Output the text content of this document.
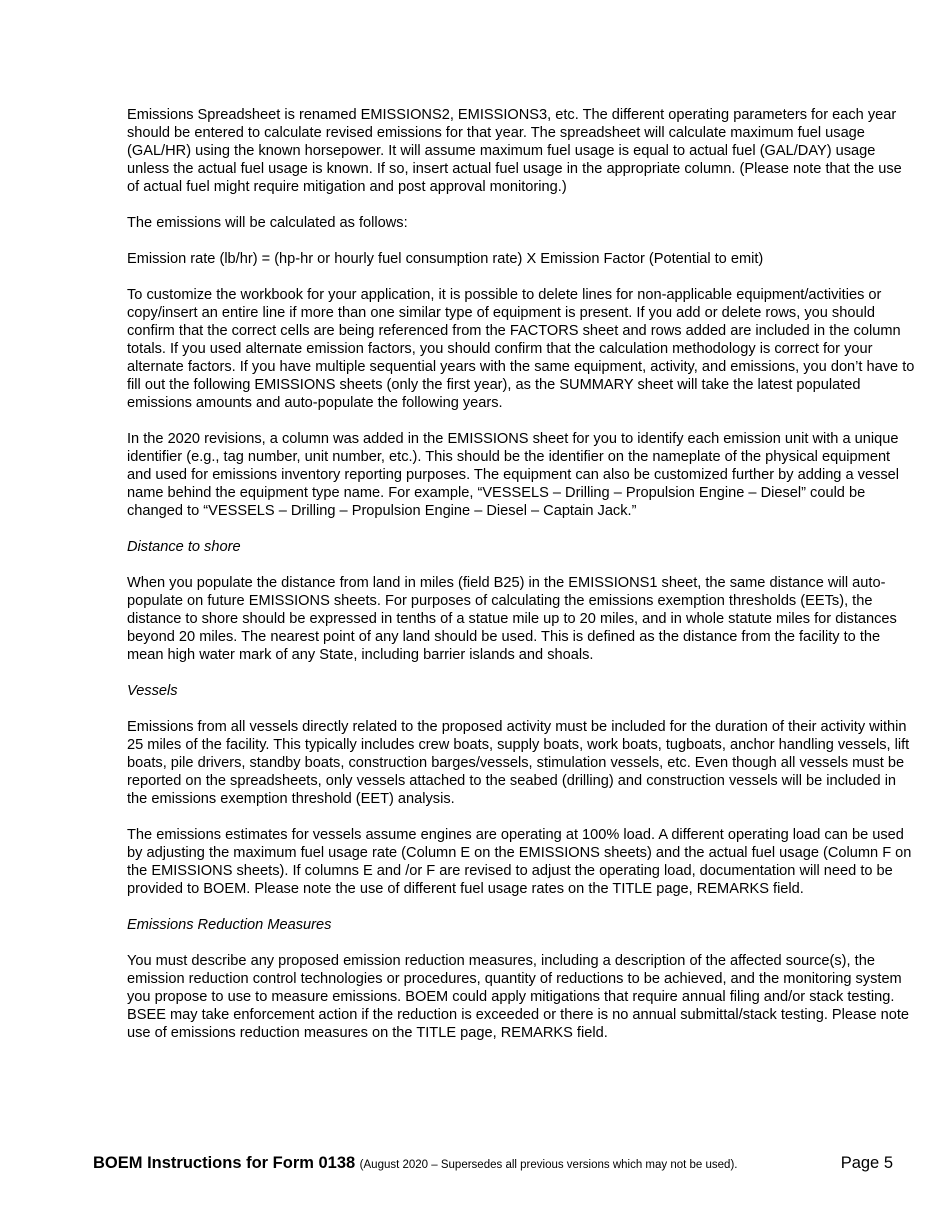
Emissions Spreadsheet is renamed EMISSIONS2, EMISSIONS3, etc. The different operating parameters for each year should be entered to calculate revised emissions for that year. The spreadsheet will calculate maximum fuel usage (GAL/HR) using the known horsepower. It will assume maximum fuel usage is equal to actual fuel (GAL/DAY) usage unless the actual fuel usage is known. If so, insert actual fuel usage in the appropriate column. (Please note that the use of actual fuel might require mitigation and post approval monitoring.)

The emissions will be calculated as follows:

Emission rate (lb/hr) = (hp-hr or hourly fuel consumption rate) X Emission Factor (Potential to emit)

To customize the workbook for your application, it is possible to delete lines for non-applicable equipment/activities or copy/insert an entire line if more than one similar type of equipment is present. If you add or delete rows, you should confirm that the correct cells are being referenced from the FACTORS sheet and rows added are included in the column totals. If you used alternate emission factors, you should confirm that the calculation methodology is correct for your alternate factors. If you have multiple sequential years with the same equipment, activity, and emissions, you don’t have to fill out the following EMISSIONS sheets (only the first year), as the SUMMARY sheet will take the latest populated emissions amounts and auto-populate the following years.

In the 2020 revisions, a column was added in the EMISSIONS sheet for you to identify each emission unit with a unique identifier (e.g., tag number, unit number, etc.). This should be the identifier on the nameplate of the physical equipment and used for emissions inventory reporting purposes. The equipment can also be customized further by adding a vessel name behind the equipment type name. For example, “VESSELS – Drilling – Propulsion Engine – Diesel” could be changed to “VESSELS – Drilling – Propulsion Engine – Diesel – Captain Jack.”

Distance to shore

When you populate the distance from land in miles (field B25) in the EMISSIONS1 sheet, the same distance will auto-populate on future EMISSIONS sheets. For purposes of calculating the emissions exemption thresholds (EETs), the distance to shore should be expressed in tenths of a statue mile up to 20 miles, and in whole statute miles for distances beyond 20 miles. The nearest point of any land should be used. This is defined as the distance from the facility to the mean high water mark of any State, including barrier islands and shoals.

Vessels

Emissions from all vessels directly related to the proposed activity must be included for the duration of their activity within 25 miles of the facility. This typically includes crew boats, supply boats, work boats, tugboats, anchor handling vessels, lift boats, pile drivers, standby boats, construction barges/vessels, stimulation vessels, etc. Even though all vessels must be reported on the spreadsheets, only vessels attached to the seabed (drilling) and construction vessels will be included in the emissions exemption threshold (EET) analysis.

The emissions estimates for vessels assume engines are operating at 100% load. A different operating load can be used by adjusting the maximum fuel usage rate (Column E on the EMISSIONS sheets) and the actual fuel usage (Column F on the EMISSIONS sheets). If columns E and /or F are revised to adjust the operating load, documentation will need to be provided to BOEM. Please note the use of different fuel usage rates on the TITLE page, REMARKS field.

Emissions Reduction Measures

You must describe any proposed emission reduction measures, including a description of the affected source(s), the emission reduction control technologies or procedures, quantity of reductions to be achieved, and the monitoring system you propose to use to measure emissions. BOEM could apply mitigations that require annual filing and/or stack testing. BSEE may take enforcement action if the reduction is exceeded or there is no annual submittal/stack testing. Please note use of emissions reduction measures on the TITLE page, REMARKS field.

BOEM Instructions for Form 0138 (August 2020 – Supersedes all previous versions which may not be used).	Page 5
